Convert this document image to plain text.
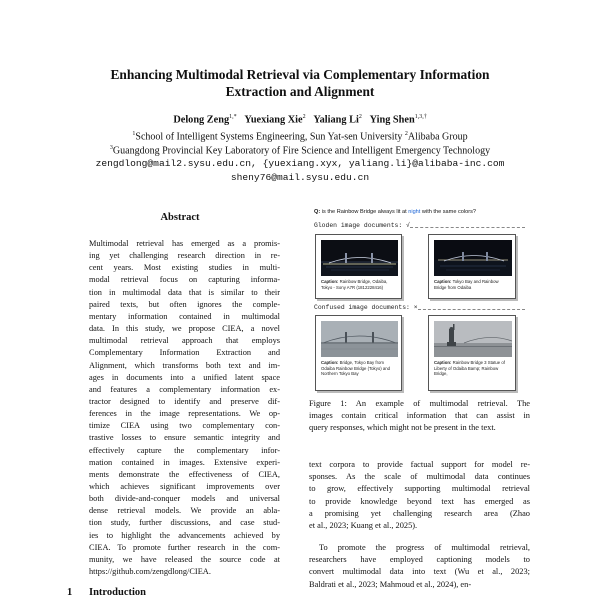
Enhancing Multimodal Retrieval via Complementary Information
Extraction and Alignment
Delong Zeng$^{1,*}$ Yuexiang Xie$^2$ Yaliang Li$^2$ Ying Shen$^{1,3,\dagger}$
$^1$School of Intelligent Systems Engineering, Sun Yat-sen University $^2$Alibaba Group
$^3$Guangdong Provincial Key Laboratory of Fire Science and Intelligent Emergency Technology
zengdlong@mail2.sysu.edu.cn, {yuexiang.xyx, yaliang.li}@alibaba-inc.com
sheny76@mail.sysu.edu.cn
Abstract
Multimodal retrieval has emerged as a promis-
ing yet challenging research direction in re-
cent years. Most existing studies in multi-
modal retrieval focus on capturing informa-
tion in multimodal data that is similar to their
paired texts, but often ignores the comple-
mentary information contained in multimodal
data. In this study, we propose CIEA, a novel
multimodal retrieval approach that employs
Complementary Information Extraction and
Alignment, which transforms both text and im-
ages in documents into a unified latent space
and features a complementary information ex-
tractor designed to identify and preserve dif-
ferences in the image representations. We op-
timize CIEA using two complementary con-
trastive losses to ensure semantic integrity and
effectively capture the complementary infor-
mation contained in images. Extensive experi-
ments demonstrate the effectiveness of CIEA,
which achieves significant improvements over
both divide-and-conquer models and universal
dense retrieval models. We provide an abla-
tion study, further discussions, and case stud-
ies to highlight the advancements achieved by
CIEA. To promote further research in the com-
munity, we have released the source code at
https://github.com/zengdlong/CIEA.
1 Introduction
Q: is the Rainbow Bridge always lit at night with the same colors?
Gloden image documents: √
Confused image documents: ×
Caption: Rainbow Bridge, Odaiba, Tokyo - Sony A7R (1812228416)
Caption: Tokyo Bay and Rainbow Bridge from Odaiba
Caption: Bridge, Tokyo Bay from Odaiba Rainbow Bridge (Tokyo) and Northern Tokyo Bay
Caption: Rainbow Bridge 3 Statue of Liberty of Odaiba Bamp; Rainbow Bridge,
Figure 1: An example of multimodal retrieval. The
images contain critical information that can assist in
query responses, which might not be present in the text.
text corpora to provide factual support for model re-
sponses. As the scale of multimodal data continues
to grow, effectively supporting multimodal retrieval
to provide knowledge beyond text has emerged as
a promising yet challenging research area (Zhao
et al., 2023; Kuang et al., 2025).
To promote the progress of multimodal retrieval,
researchers have employed captioning models to
convert multimodal data into text (Wu et al., 2023;
Baldrati et al., 2023; Mahmoud et al., 2024), en-
